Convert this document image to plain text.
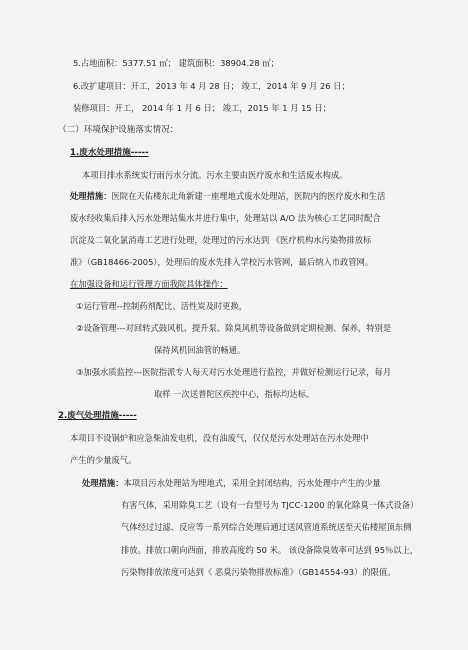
5.占地面积：5377.51 ㎡； 建筑面积：38904.28 ㎡；
6.改扩建项目：开工，2013 年 4 月 28 日； 竣工，2014 年 9 月 26 日；
装修项目：开工， 2014 年 1 月 6 日； 竣工，2015 年 1 月 15 日；
（二）环境保护设施落实情况：
1.废水处理措施-----
本项目排水系统实行雨污水分流。污水主要由医疗废水和生活废水构成。
处理措施：医院在天佑楼东北角新建一座埋地式废水处理站，医院内的医疗废水和生活
废水经收集后排入污水处理站集水井进行集中，处理站以 A/O 法为核心工艺同时配合
沉淀及二氧化氯消毒工艺进行处理，处理过的污水达到 《医疗机构水污染物排放标
准》（GB18466-2005），处理后的废水先排入学校污水管网，最后纳入市政管网。
在加强设备和运行管理方面我院具体操作：
①运行管理--控制药剂配比、活性炭及时更换，
②设备管理---对回转式鼓风机、提升泵、除臭风机等设备做到定期检测、保养，特别是
保持风机回油管的畅通。
③加强水质监控---医院指派专人每天对污水处理进行监控，并做好检测运行记录，每月
取样 一次送普陀区疾控中心，指标均达标。
2.废气处理措施-----
本项目不设锅炉和应急柴油发电机，没有油废气，仅仅是污水处理站在污水处理中
产生的少量废气。
处理措施：本项目污水处理站为埋地式，采用全封闭结构，污水处理中产生的少量
有害气体，采用除臭工艺（设有一台型号为 TJCC-1200 的氧化除臭一体式设备）
气体经过过滤、反应等一系列综合处理后通过送风管道系统送至天佑楼屋顶东侧
排放。排放口朝向西面，排放高度约 50 米。 该设备除臭效率可达到 95％以上，
污染物排放浓度可达到《 恶臭污染物排放标准》（GB14554-93）的限值。
